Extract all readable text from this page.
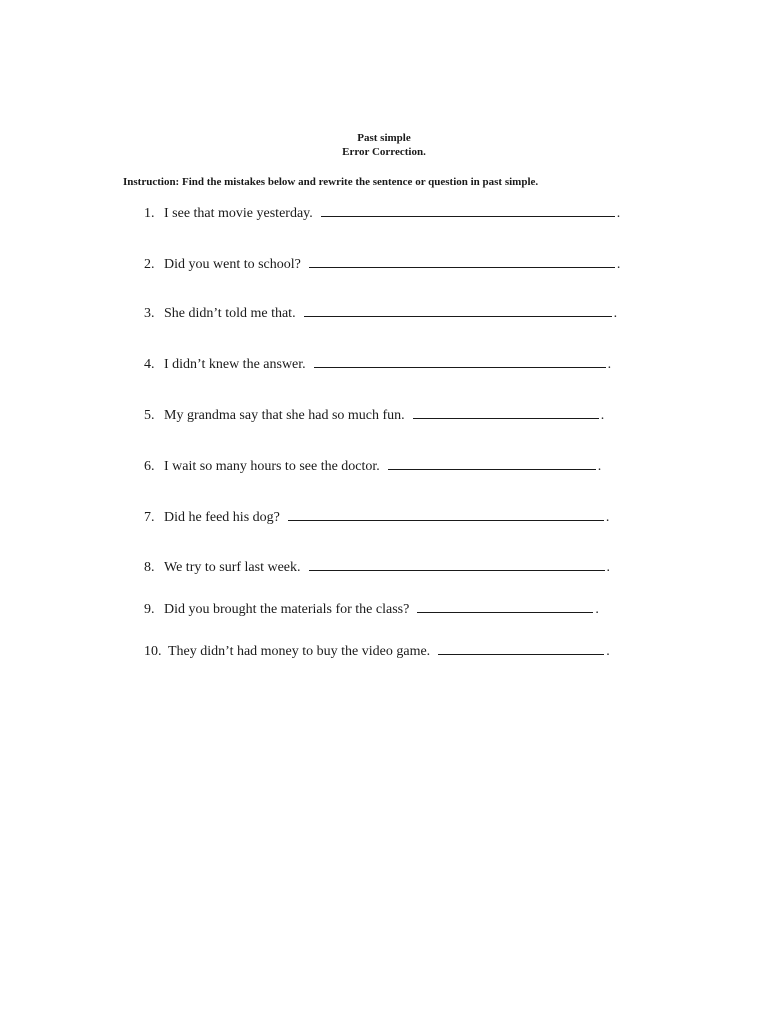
Past simple
Error Correction.
Instruction: Find the mistakes below and rewrite the sentence or question in past simple.
1. I see that movie yesterday.	.
2. Did you went to school?	.
3. She didn’t told me that.	.
4. I didn’t knew the answer.	.
5. My grandma say that she had so much fun.	.
6. I wait so many hours to see the doctor.	.
7. Did he feed his dog?	.
8. We try to surf last week.	.
9. Did you brought the materials for the class?	.
10. They didn’t had money to buy the video game.	.
